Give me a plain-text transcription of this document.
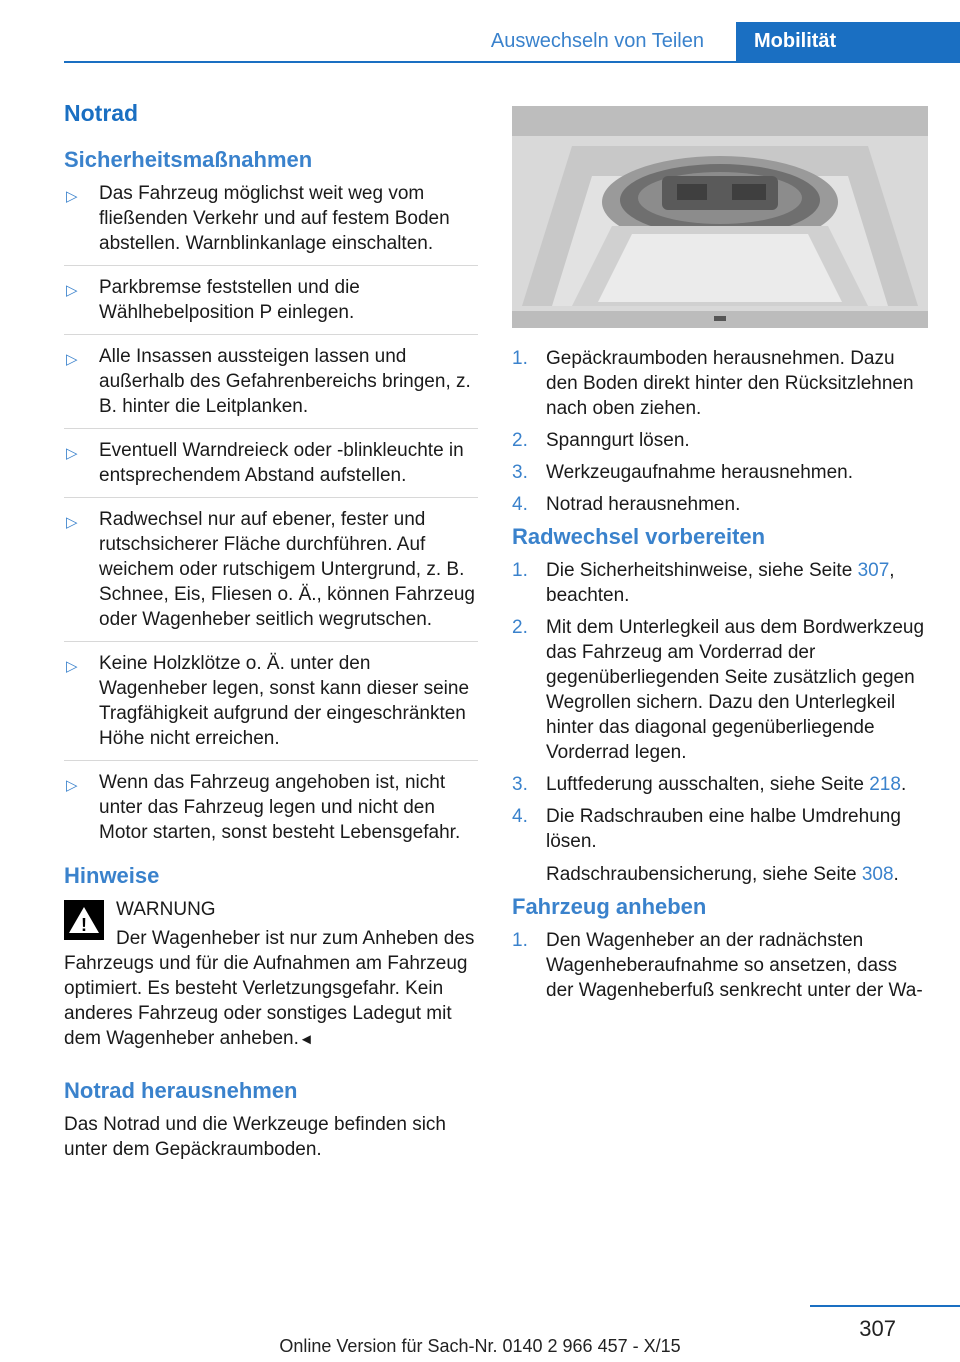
Auswechseln von Teilen	Mobilität
Notrad
Sicherheitsmaßnahmen
▷ Das Fahrzeug möglichst weit weg vom fließenden Verkehr und auf festem Boden abstellen. Warnblinkanlage einschalten.
▷ Parkbremse feststellen und die Wählhebelposition P einlegen.
▷ Alle Insassen aussteigen lassen und außerhalb des Gefahrenbereichs bringen, z. B. hinter die Leitplanken.
▷ Eventuell Warndreieck oder -blinkleuchte in entsprechendem Abstand aufstellen.
▷ Radwechsel nur auf ebener, fester und rutschsicherer Fläche durchführen. Auf weichem oder rutschigem Untergrund, z. B. Schnee, Eis, Fliesen o. Ä., können Fahrzeug oder Wagenheber seitlich wegrutschen.
▷ Keine Holzklötze o. Ä. unter den Wagenheber legen, sonst kann dieser seine Tragfähigkeit aufgrund der eingeschränkten Höhe nicht erreichen.
▷ Wenn das Fahrzeug angehoben ist, nicht unter das Fahrzeug legen und nicht den Motor starten, sonst besteht Lebensgefahr.
Hinweise
!
WARNUNG

Der Wagenheber ist nur zum Anheben des Fahrzeugs und für die Aufnahmen am Fahrzeug optimiert. Es besteht Verletzungsgefahr. Kein anderes Fahrzeug oder sonstiges Ladegut mit dem Wagenheber anheben.◄

Notrad herausnehmen

Das Notrad und die Werkzeuge befinden sich unter dem Gepäckraumboden.

1. Gepäckraumboden herausnehmen. Dazu den Boden direkt hinter den Rücksitzlehnen nach oben ziehen.
2. Spanngurt lösen.
3. Werkzeugaufnahme herausnehmen.
4. Notrad herausnehmen.
Radwechsel vorbereiten
1. Die Sicherheitshinweise, siehe Seite 307, beachten.
2. Mit dem Unterlegkeil aus dem Bordwerkzeug das Fahrzeug am Vorderrad der gegenüberliegenden Seite zusätzlich gegen Wegrollen sichern. Dazu den Unterlegkeil hinter das diagonal gegenüberliegende Vorderrad legen.
3. Luftfederung ausschalten, siehe Seite 218.
4. Die Radschrauben eine halbe Umdrehung lösen.
Radschraubensicherung, siehe Seite 308.
Fahrzeug anheben
1. Den Wagenheber an der radnächsten Wagenheberaufnahme so ansetzen, dass der Wagenheberfuß senkrecht unter der Wa-
307
Online Version für Sach-Nr. 0140 2 966 457 - X/15
